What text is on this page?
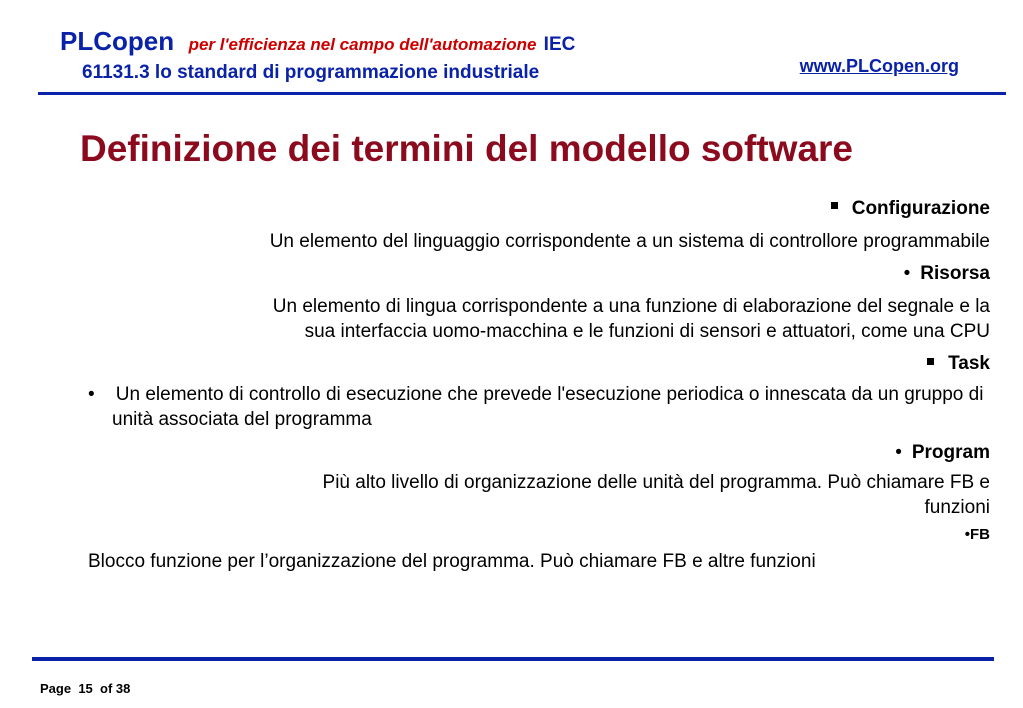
PLCopen per l'efficienza nel campo dell'automazione IEC
61131.3 lo standard di programmazione industriale	www.PLCopen.org
Definizione dei termini del modello software

Configurazione

Un elemento del linguaggio corrispondente a un sistema di controllore programmabile

• Risorsa

Un elemento di lingua corrispondente a una funzione di elaborazione del segnale e la

sua interfaccia uomo-macchina e le funzioni di sensori e attuatori, come una CPU

Task

• Un elemento di controllo di esecuzione che prevede l'esecuzione periodica o innescata da un gruppo di unità associata del programma

• Program

Più alto livello di organizzazione delle unità del programma. Può chiamare FB e

funzioni

•FB

Blocco funzione per l’organizzazione del programma. Può chiamare FB e altre funzioni

Page 15 of 38
